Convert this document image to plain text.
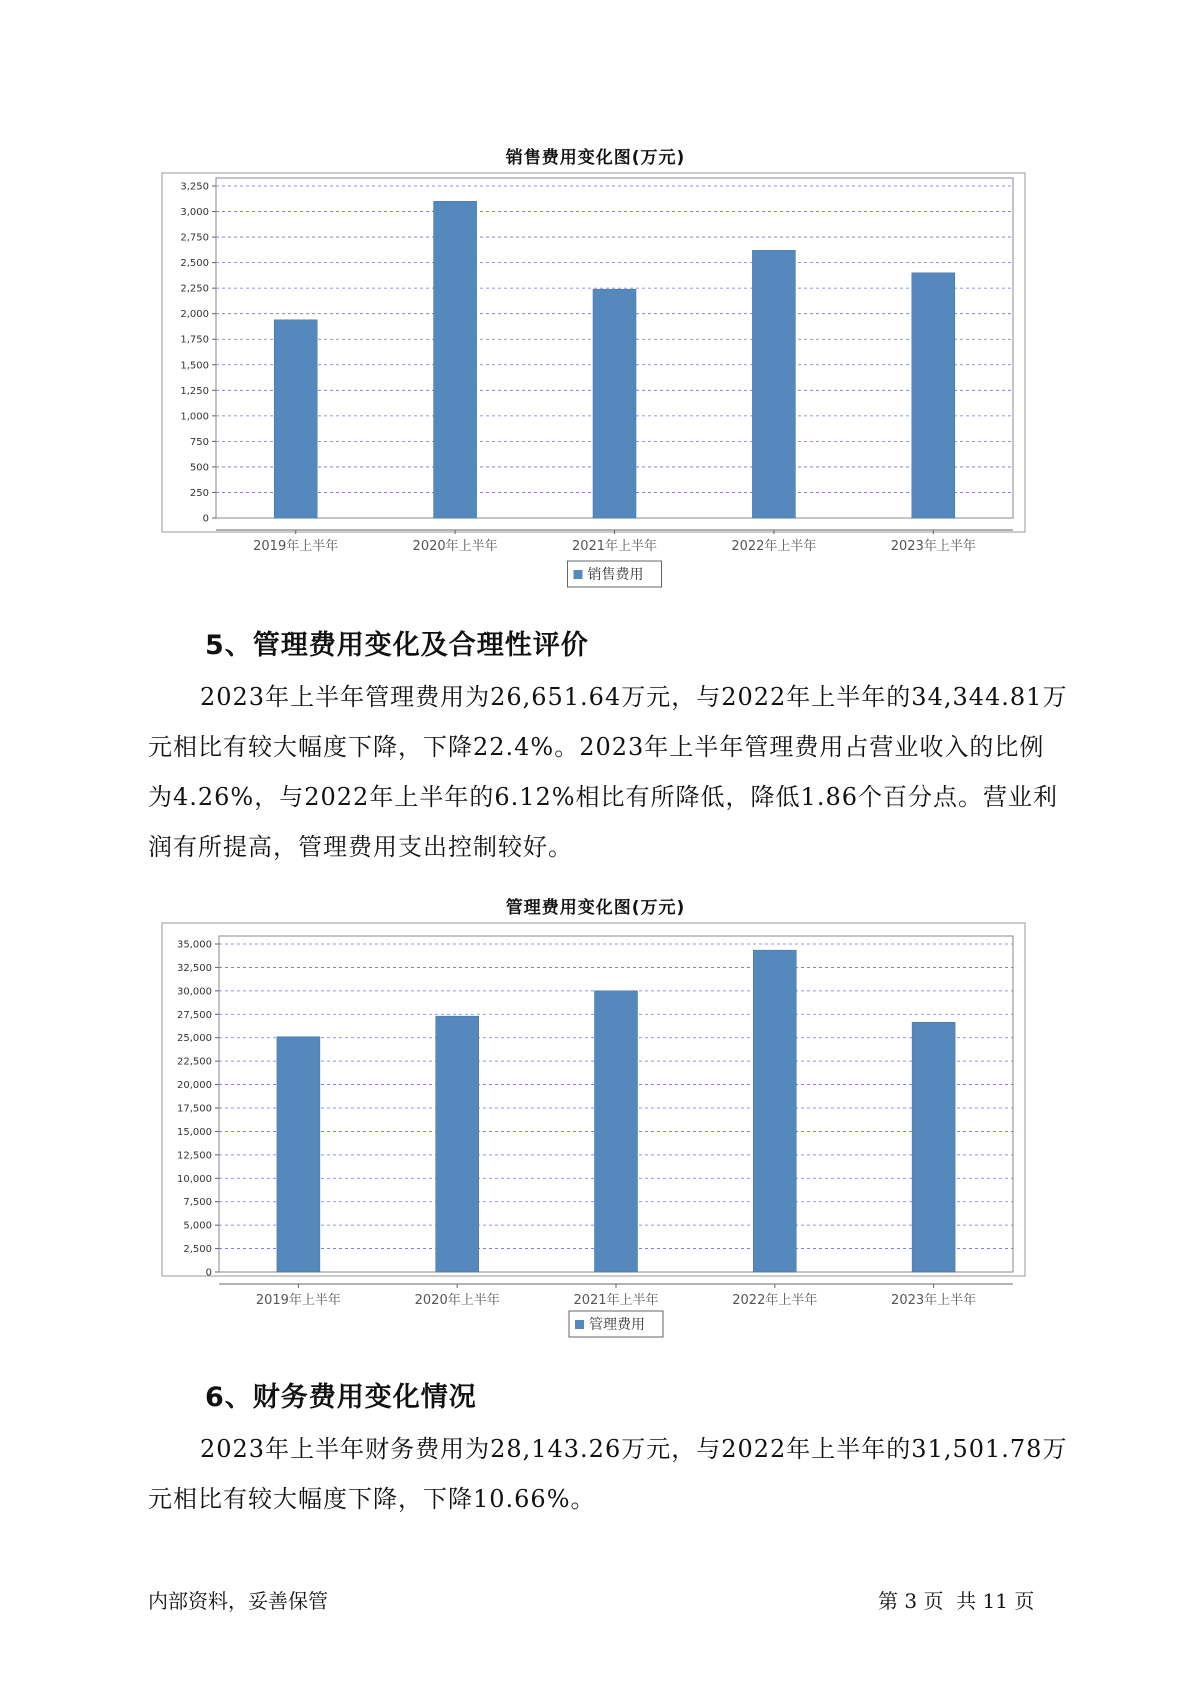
销售费用变化图(万元)
0
250
500
750
1,000
1,250
1,500
1,750
2,000
2,250
2,500
2,750
3,000
3,250
2019年上半年	2020年上半年	2021年上半年	2022年上半年	2023年上半年
销售费用
5、管理费用变化及合理性评价

2023年上半年管理费用为26,651.64万元，与2022年上半年的34,344.81万元相比有较大幅度下降，下降22.4%。2023年上半年管理费用占营业收入的比例为4.26%，与2022年上半年的6.12%相比有所降低，降低1.86个百分点。营业利润有所提高，管理费用支出控制较好。

管理费用变化图(万元)
0
2,500
5,000
7,500
10,000
12,500
15,000
17,500
20,000
22,500
25,000
27,500
30,000
32,500
35,000
2019年上半年	2020年上半年	2021年上半年	2022年上半年	2023年上半年
管理费用
6、财务费用变化情况

2023年上半年财务费用为28,143.26万元，与2022年上半年的31,501.78万元相比有较大幅度下降，下降10.66%。

内部资料，妥善保管	第 3 页  共 11 页
